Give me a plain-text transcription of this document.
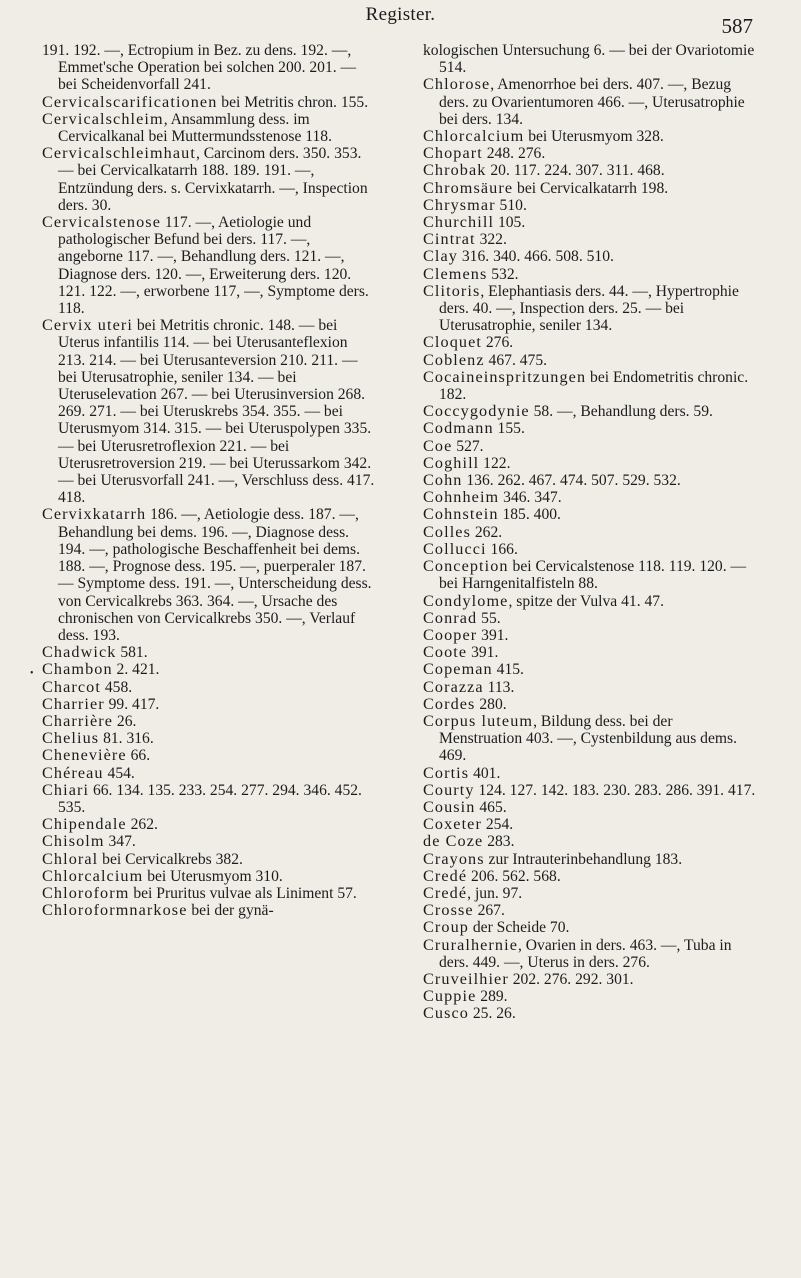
Register.	587
•

191. 192. —, Ectropium in Bez. zu dens. 192. —, Emmet'sche Operation bei solchen 200. 201. — bei Scheidenvorfall 241.

Cervicalscarificationen bei Metritis chron. 155.

Cervicalschleim, Ansammlung dess. im Cervicalkanal bei Muttermundsstenose 118.

Cervicalschleimhaut, Carcinom ders. 350. 353. — bei Cervicalkatarrh 188. 189. 191. —, Entzündung ders. s. Cervixkatarrh. —, Inspection ders. 30.

Cervicalstenose 117. —, Aetiologie und pathologischer Befund bei ders. 117. —, angeborne 117. —, Behandlung ders. 121. —, Diagnose ders. 120. —, Erweiterung ders. 120. 121. 122. —, erworbene 117, —, Symptome ders. 118.

Cervix uteri bei Metritis chronic. 148. — bei Uterus infantilis 114. — bei Uterusanteflexion 213. 214. — bei Uterusanteversion 210. 211. — bei Uterusatrophie, seniler 134. — bei Uteruselevation 267. — bei Uterusinversion 268. 269. 271. — bei Uteruskrebs 354. 355. — bei Uterusmyom 314. 315. — bei Uteruspolypen 335. — bei Uterusretroflexion 221. — bei Uterusretroversion 219. — bei Uterussarkom 342. — bei Uterusvorfall 241. —, Verschluss dess. 417. 418.

Cervixkatarrh 186. —, Aetiologie dess. 187. —, Behandlung bei dems. 196. —, Diagnose dess. 194. —, pathologische Beschaffenheit bei dems. 188. —, Prognose dess. 195. —, puerperaler 187. — Symptome dess. 191. —, Unterscheidung dess. von Cervicalkrebs 363. 364. —, Ursache des chronischen von Cervicalkrebs 350. —, Verlauf dess. 193.

Chadwick 581.

Chambon 2. 421.

Charcot 458.

Charrier 99. 417.

Charrière 26.

Chelius 81. 316.

Chenevière 66.

Chéreau 454.

Chiari 66. 134. 135. 233. 254. 277. 294. 346. 452. 535.

Chipendale 262.

Chisolm 347.

Chloral bei Cervicalkrebs 382.

Chlorcalcium bei Uterusmyom 310.

Chloroform bei Pruritus vulvae als Liniment 57.

Chloroformnarkose bei der gynä-

kologischen Untersuchung 6. — bei der Ovariotomie 514.

Chlorose, Amenorrhoe bei ders. 407. —, Bezug ders. zu Ovarientumoren 466. —, Uterusatrophie bei ders. 134.

Chlorcalcium bei Uterusmyom 328.

Chopart 248. 276.

Chrobak 20. 117. 224. 307. 311. 468.

Chromsäure bei Cervicalkatarrh 198.

Chrysmar 510.

Churchill 105.

Cintrat 322.

Clay 316. 340. 466. 508. 510.

Clemens 532.

Clitoris, Elephantiasis ders. 44. —, Hypertrophie ders. 40. —, Inspection ders. 25. — bei Uterusatrophie, seniler 134.

Cloquet 276.

Coblenz 467. 475.

Cocaineinspritzungen bei Endometritis chronic. 182.

Coccygodynie 58. —, Behandlung ders. 59.

Codmann 155.

Coe 527.

Coghill 122.

Cohn 136. 262. 467. 474. 507. 529. 532.

Cohnheim 346. 347.

Cohnstein 185. 400.

Colles 262.

Collucci 166.

Conception bei Cervicalstenose 118. 119. 120. — bei Harngenitalfisteln 88.

Condylome, spitze der Vulva 41. 47.

Conrad 55.

Cooper 391.

Coote 391.

Copeman 415.

Corazza 113.

Cordes 280.

Corpus luteum, Bildung dess. bei der Menstruation 403. —, Cystenbildung aus dems. 469.

Cortis 401.

Courty 124. 127. 142. 183. 230. 283. 286. 391. 417.

Cousin 465.

Coxeter 254.

de Coze 283.

Crayons zur Intrauterinbehandlung 183.

Credé 206. 562. 568.

Credé, jun. 97.

Crosse 267.

Croup der Scheide 70.

Cruralhernie, Ovarien in ders. 463. —, Tuba in ders. 449. —, Uterus in ders. 276.

Cruveilhier 202. 276. 292. 301.

Cuppie 289.

Cusco 25. 26.
